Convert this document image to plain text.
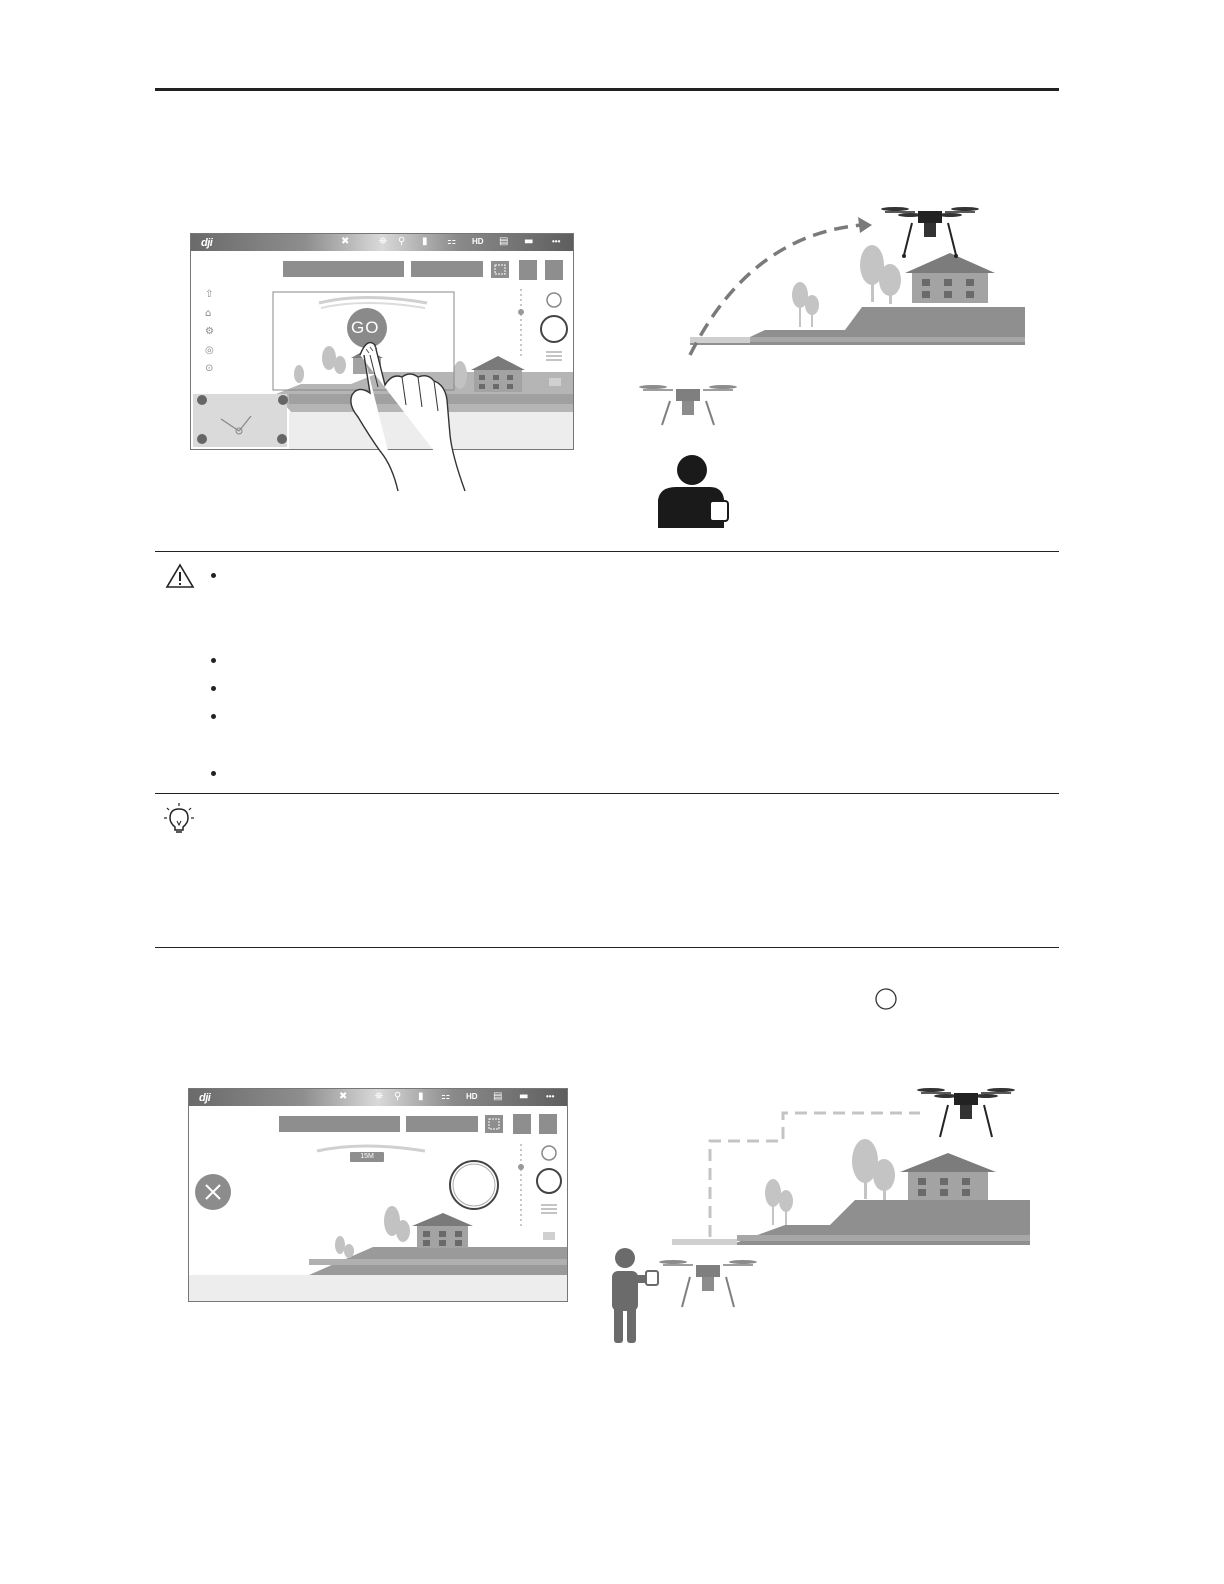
dji	✖	⛯ ⚲ ▮ ⚏ HD ▤ ▬ •••
⇧
⌂
⚙
◎
⊙
GO
dji	✖	⛯ ⚲ ▮ ⚏ HD ▤ ▬ •••
15M
